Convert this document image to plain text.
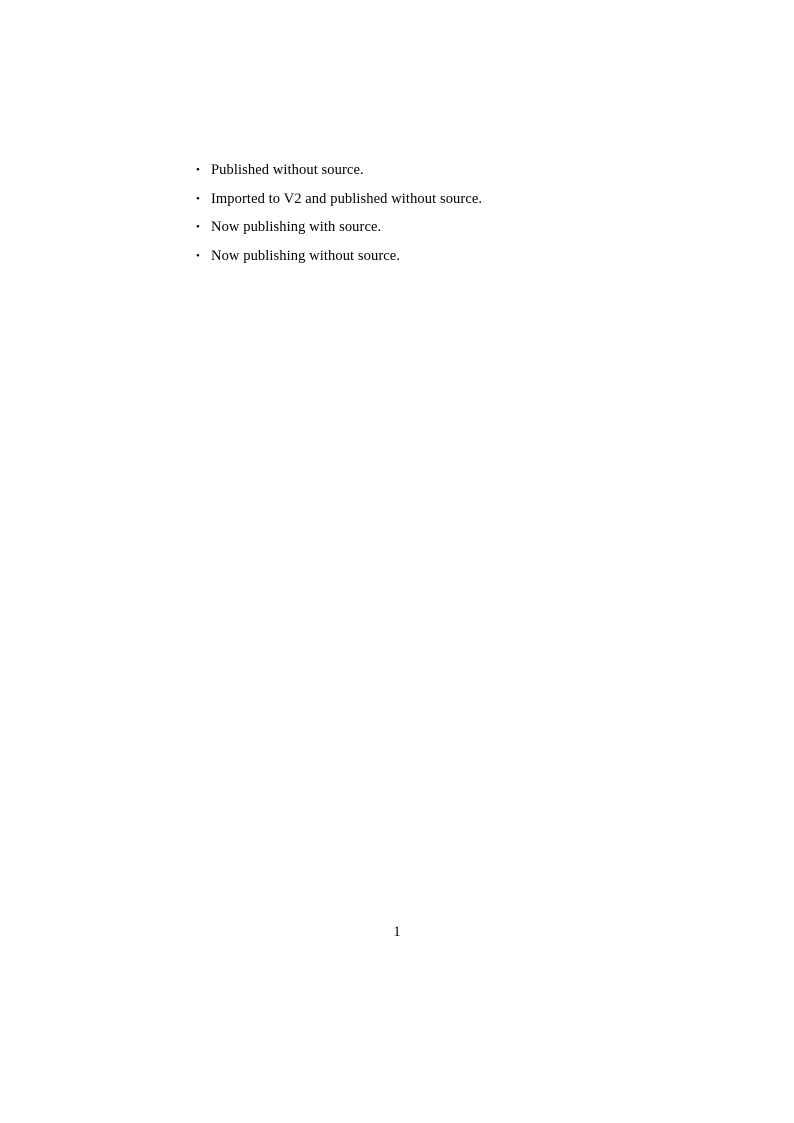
• Published without source.
• Imported to V2 and published without source.
• Now publishing with source.
• Now publishing without source.
1
